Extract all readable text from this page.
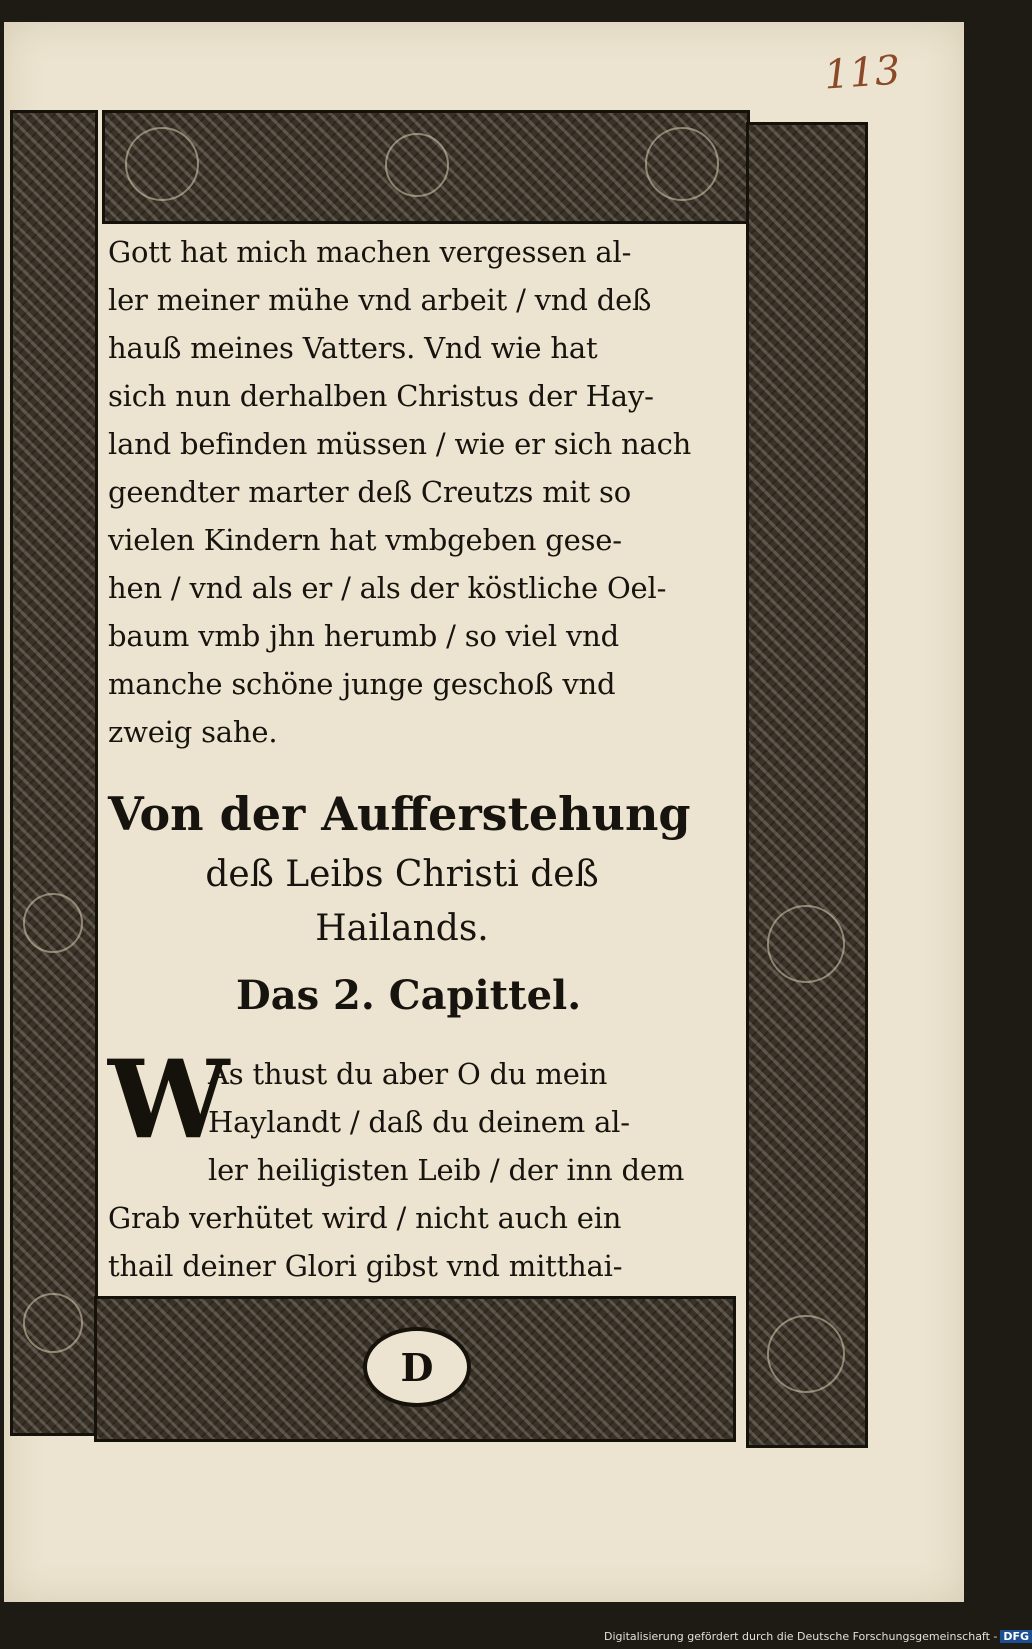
113
D
Gott hat mich machen vergessen al-
ler meiner mühe vnd arbeit / vnd deß
hauß meines Vatters. Vnd wie hat
sich nun derhalben Christus der Hay-
land befinden müssen / wie er sich nach
geendter marter deß Creutzs mit so
vielen Kindern hat vmbgeben gese-
hen / vnd als er / als der köstliche Oel-
baum vmb jhn herumb / so viel vnd
manche schöne junge geschoß vnd
zweig sahe.
Von der Aufferstehung
deß Leibs Christi deß
Hailands.
Das 2. Capittel.
W
As thust du aber O du mein
Haylandt / daß du deinem al-
ler heiligisten Leib / der inn dem
Grab verhütet wird / nicht auch ein
thail deiner Glori gibst vnd mitthai-
Digitalisierung gefördert durch die Deutsche Forschungsgemeinschaft - DFG
